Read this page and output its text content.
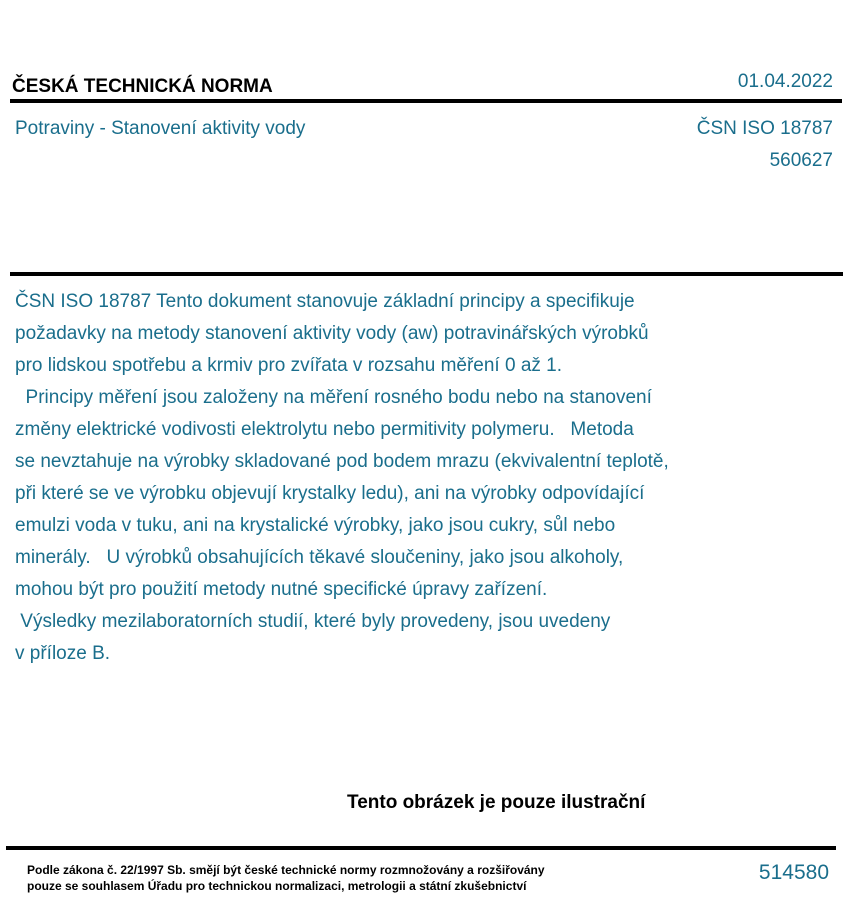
ČESKÁ TECHNICKÁ NORMA	01.04.2022
Potraviny - Stanovení aktivity vody	ČSN ISO 18787
560627
ČSN ISO 18787 Tento dokument stanovuje základní principy a specifikuje
požadavky na metody stanovení aktivity vody (aw) potravinářských výrobků
pro lidskou spotřebu a krmiv pro zvířata v rozsahu měření 0 až 1.
Principy měření jsou založeny na měření rosného bodu nebo na stanovení
změny elektrické vodivosti elektrolytu nebo permitivity polymeru.   Metoda
se nevztahuje na výrobky skladované pod bodem mrazu (ekvivalentní teplotě,
při které se ve výrobku objevují krystalky ledu), ani na výrobky odpovídající
emulzi voda v tuku, ani na krystalické výrobky, jako jsou cukry, sůl nebo
minerály.   U výrobků obsahujících těkavé sloučeniny, jako jsou alkoholy,
mohou být pro použití metody nutné specifické úpravy zařízení.
Výsledky mezilaboratorních studií, které byly provedeny, jsou uvedeny
v příloze B.
Tento obrázek je pouze ilustrační
Podle zákona č. 22/1997 Sb. smějí být české technické normy rozmnožovány a rozšiřovány
pouze se souhlasem Úřadu pro technickou normalizaci, metrologii a státní zkušebnictví
514580
